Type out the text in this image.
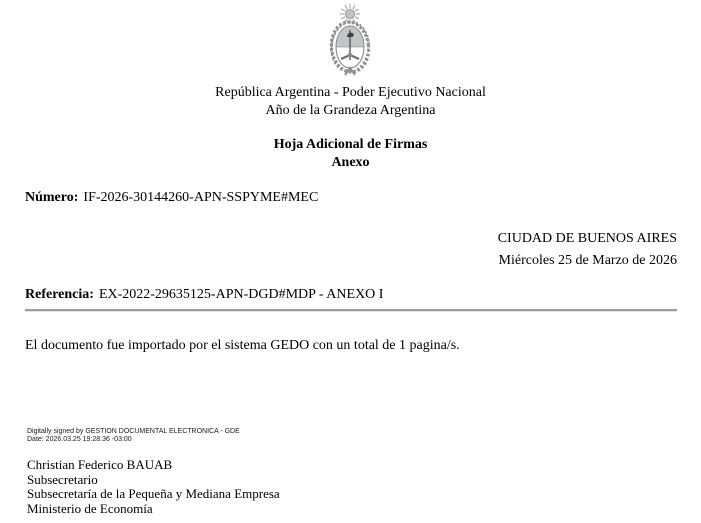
República Argentina - Poder Ejecutivo Nacional
Año de la Grandeza Argentina
Hoja Adicional de Firmas
Anexo
Número: IF-2026-30144260-APN-SSPYME#MEC
CIUDAD DE BUENOS AIRES
Miércoles 25 de Marzo de 2026
Referencia: EX-2022-29635125-APN-DGD#MDP - ANEXO I
El documento fue importado por el sistema GEDO con un total de 1 pagina/s.
Digitally signed by GESTION DOCUMENTAL ELECTRONICA - GDE
Date: 2026.03.25 19:28:36 -03:00
Christian Federico BAUAB
Subsecretario
Subsecretaría de la Pequeña y Mediana Empresa
Ministerio de Economía
